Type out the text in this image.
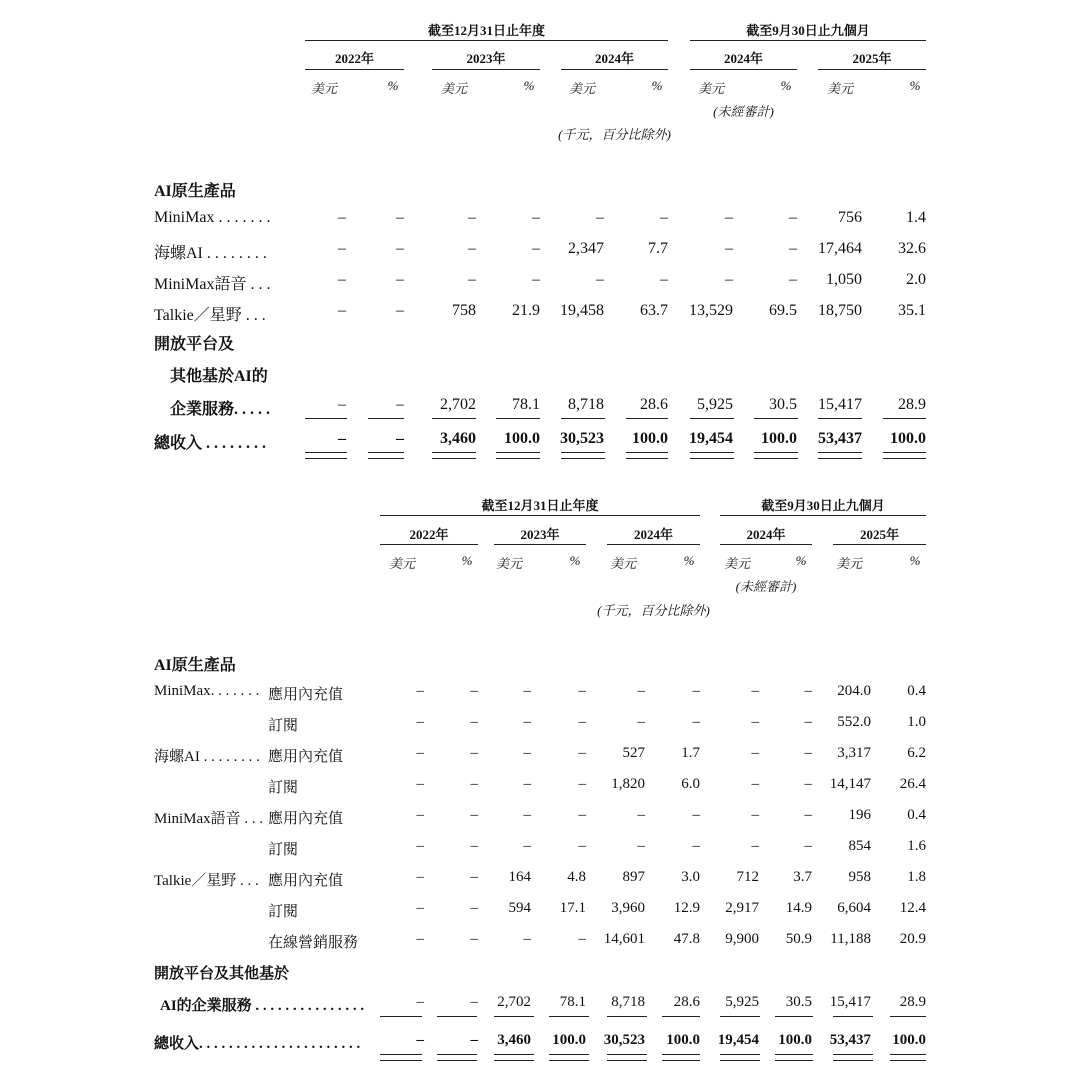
截至12月31日止年度	截至9月30日止九個月
2022年	2023年	2024年	2024年	2025年
美元	%	美元	%	美元	%	美元	%	美元	%
(未經審計)
(千元，百分比除外)
AI原生產品
MiniMax . . . . . . .	–	–	–	–	–	–	–	–	756	1.4
海螺AI . . . . . . . .	–	–	–	–	2,347	7.7	–	–	17,464	32.6
MiniMax語音 . . .	–	–	–	–	–	–	–	–	1,050	2.0
Talkie／星野 . . .	–	–	758	21.9	19,458	63.7	13,529	69.5	18,750	35.1
開放平台及
其他基於AI的
企業服務. . . . .	–	–	2,702	78.1	8,718	28.6	5,925	30.5	15,417	28.9
總收入 . . . . . . . .	–	–	3,460	100.0	30,523	100.0	19,454	100.0	53,437	100.0
截至12月31日止年度	截至9月30日止九個月
2022年	2023年	2024年	2024年	2025年
美元	%	美元	%	美元	%	美元	%	美元	%
(未經審計)
(千元，百分比除外)
AI原生產品
MiniMax. . . . . . . 應用內充值	–	–	–	–	–	–	–	–	204.0	0.4
訂閱	–	–	–	–	–	–	–	–	552.0	1.0
海螺AI . . . . . . . . 應用內充值	–	–	–	–	527	1.7	–	–	3,317	6.2
訂閱	–	–	–	–	1,820	6.0	–	–	14,147	26.4
MiniMax語音 . . . 應用內充值	–	–	–	–	–	–	–	–	196	0.4
訂閱	–	–	–	–	–	–	–	–	854	1.6
Talkie／星野 . . . 應用內充值	–	–	164	4.8	897	3.0	712	3.7	958	1.8
訂閱	–	–	594	17.1	3,960	12.9	2,917	14.9	6,604	12.4
在線營銷服務	–	–	–	–	14,601	47.8	9,900	50.9	11,188	20.9
開放平台及其他基於
AI的企業服務 . . . . . . . . . . . . . . .	–	–	2,702	78.1	8,718	28.6	5,925	30.5	15,417	28.9
總收入. . . . . . . . . . . . . . . . . . . . . .	–	–	3,460	100.0	30,523	100.0	19,454	100.0	53,437	100.0
